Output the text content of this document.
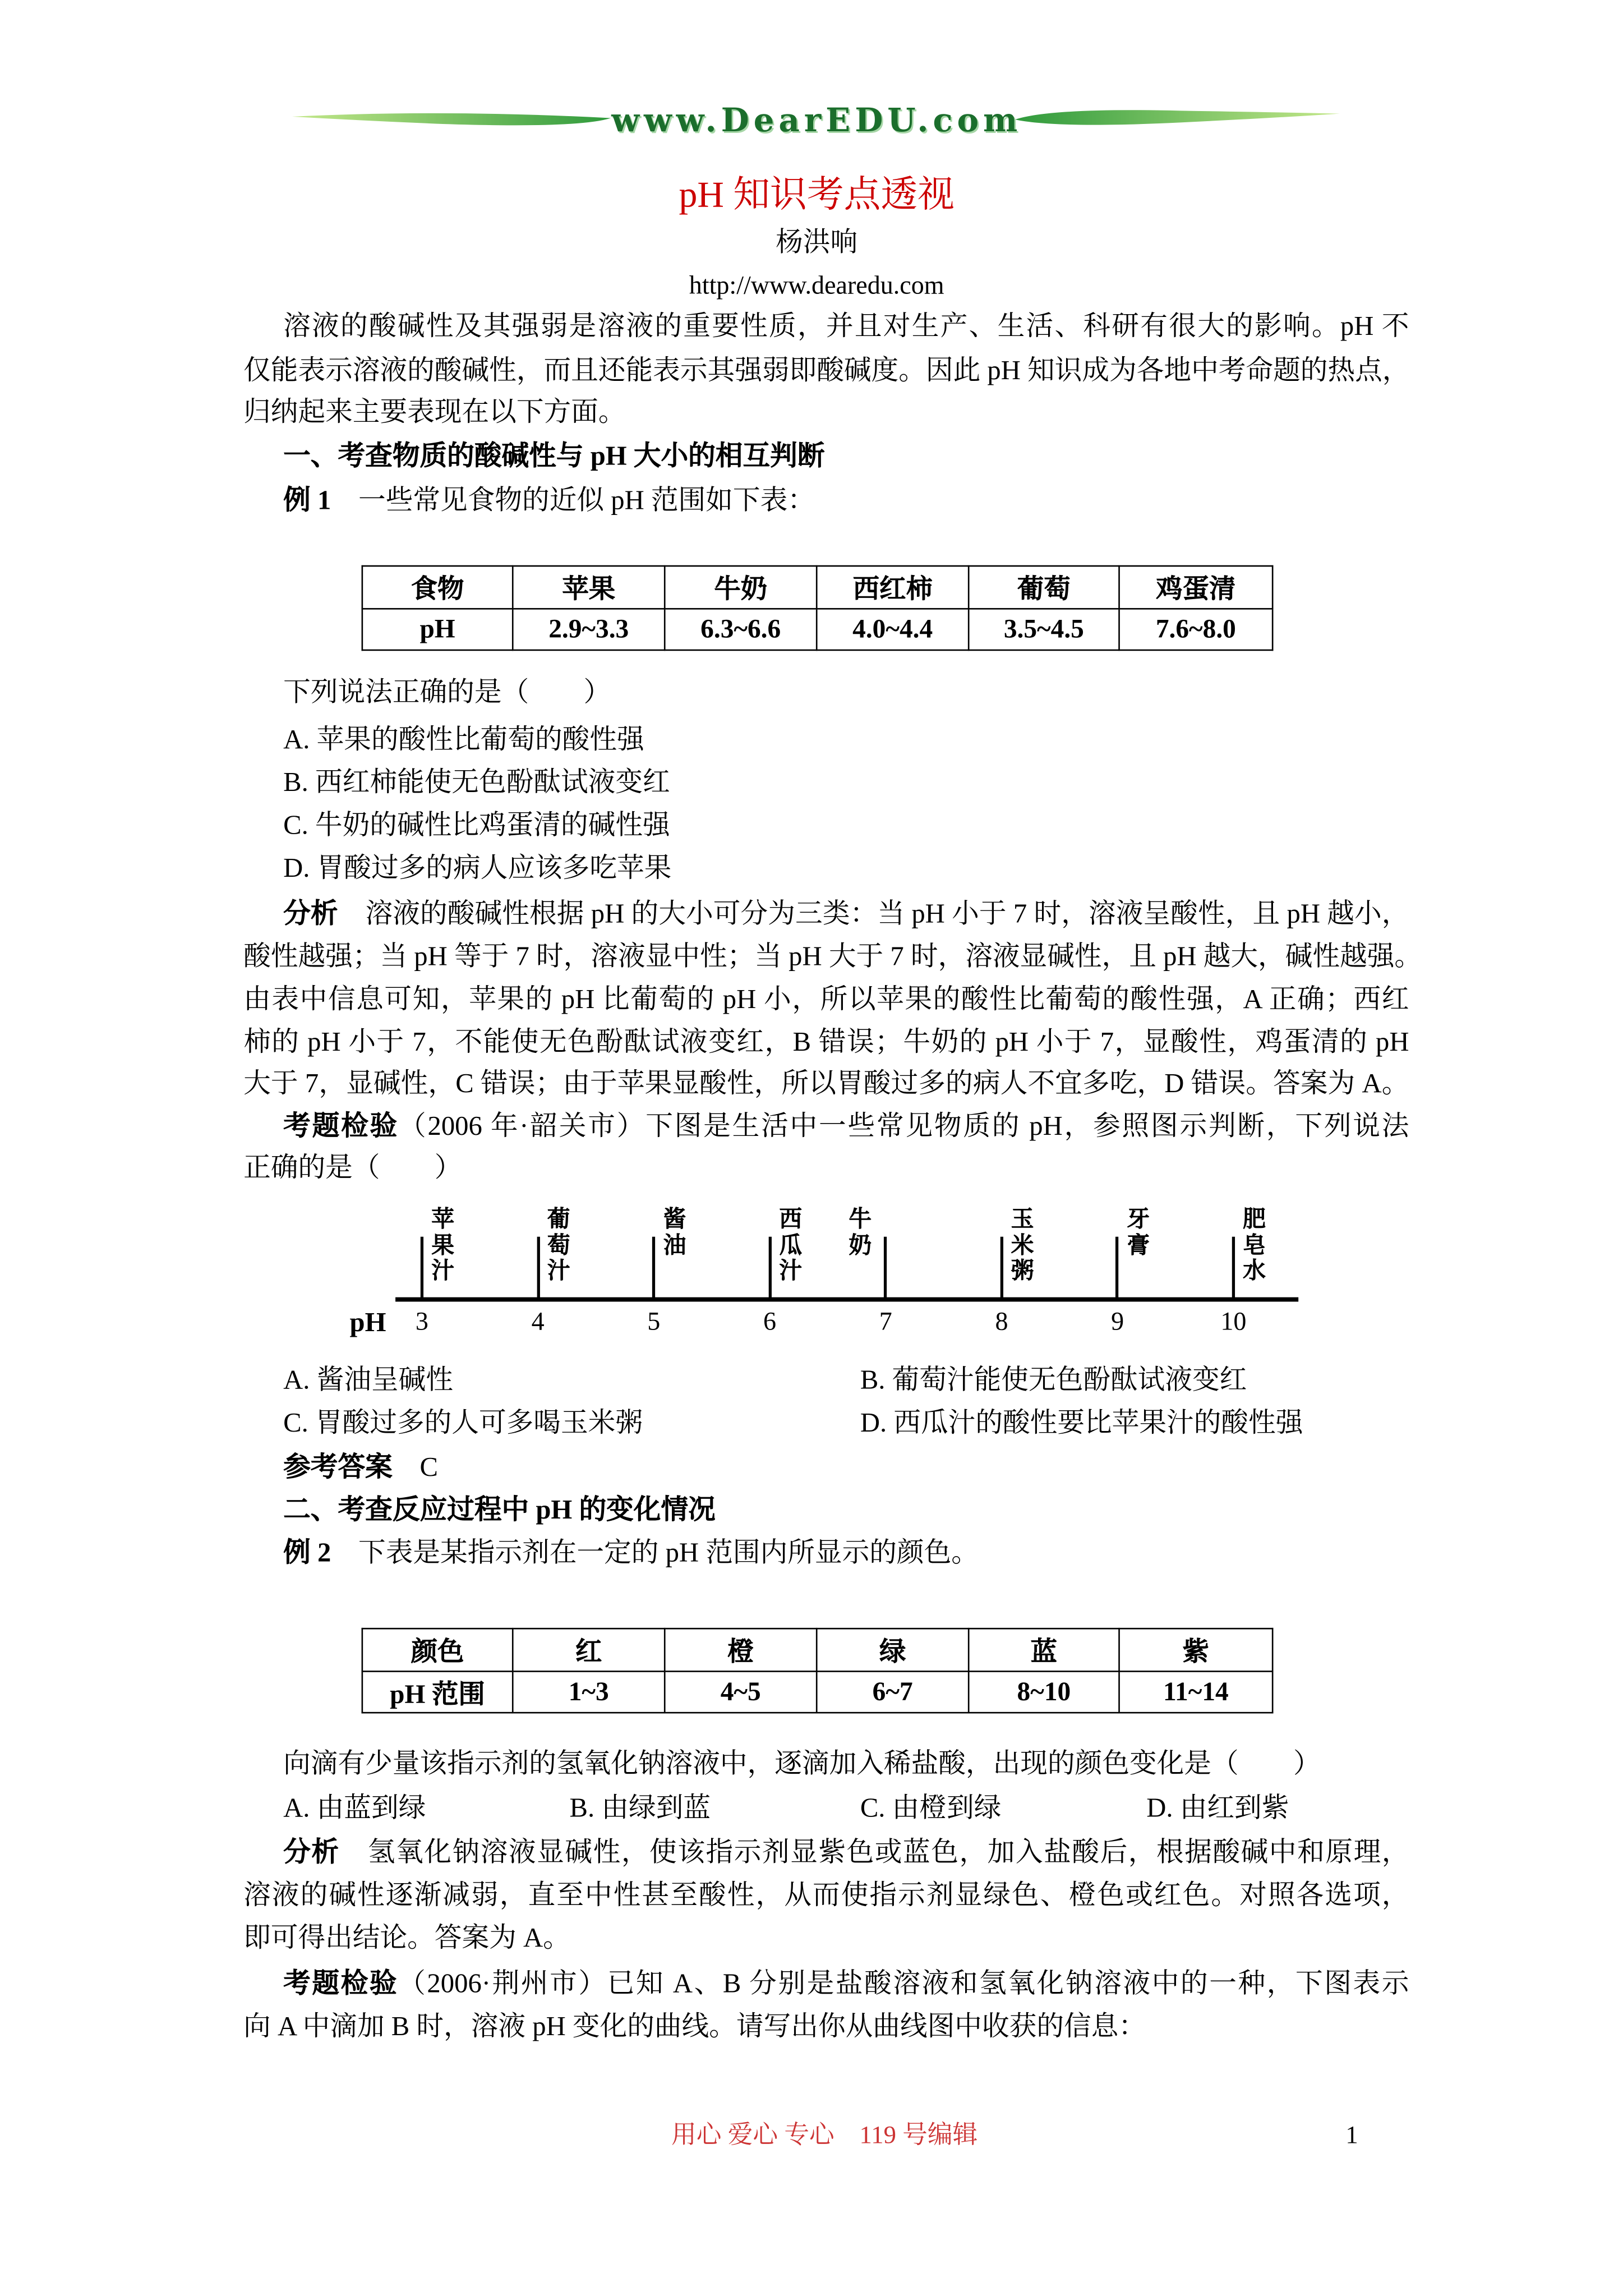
www.DearEDU.com
pH 知识考点透视
杨洪响
http://www.dearedu.com
溶液的酸碱性及其强弱是溶液的重要性质，并且对生产、生活、科研有很大的影响。pH 不
仅能表示溶液的酸碱性，而且还能表示其强弱即酸碱度。因此 pH 知识成为各地中考命题的热点，
归纳起来主要表现在以下方面。
一、考查物质的酸碱性与 pH 大小的相互判断
例 1	一些常见食物的近似 pH 范围如下表：
食物	苹果	牛奶	西红柿	葡萄	鸡蛋清
pH	2.9~3.3	6.3~6.6	4.0~4.4	3.5~4.5	7.6~8.0
下列说法正确的是（　　）
A. 苹果的酸性比葡萄的酸性强
B. 西红柿能使无色酚酞试液变红
C. 牛奶的碱性比鸡蛋清的碱性强
D. 胃酸过多的病人应该多吃苹果
分析	溶液的酸碱性根据 pH 的大小可分为三类：当 pH 小于 7 时，溶液呈酸性，且 pH 越小，
酸性越强；当 pH 等于 7 时，溶液显中性；当 pH 大于 7 时，溶液显碱性，且 pH 越大，碱性越强。
由表中信息可知，苹果的 pH 比葡萄的 pH 小，所以苹果的酸性比葡萄的酸性强，A 正确；西红
柿的 pH 小于 7，不能使无色酚酞试液变红，B 错误；牛奶的 pH 小于 7，显酸性，鸡蛋清的 pH
大于 7，显碱性，C 错误；由于苹果显酸性，所以胃酸过多的病人不宜多吃，D 错误。答案为 A。
考题检验（2006 年·韶关市）下图是生活中一些常见物质的 pH，参照图示判断，下列说法
正确的是（　　）
pH	3	4	5	6	7	8	9	10
苹果汁
葡萄汁
酱油
西瓜汁
牛奶
玉米粥
牙膏
肥皂水
A. 酱油呈碱性	B. 葡萄汁能使无色酚酞试液变红
C. 胃酸过多的人可多喝玉米粥	D. 西瓜汁的酸性要比苹果汁的酸性强
参考答案	C
二、考查反应过程中 pH 的变化情况
例 2	下表是某指示剂在一定的 pH 范围内所显示的颜色。
颜色	红	橙	绿	蓝	紫
pH 范围	1~3	4~5	6~7	8~10	11~14
向滴有少量该指示剂的氢氧化钠溶液中，逐滴加入稀盐酸，出现的颜色变化是（　　）
A. 由蓝到绿	B. 由绿到蓝	C. 由橙到绿	D. 由红到紫
分析	氢氧化钠溶液显碱性，使该指示剂显紫色或蓝色，加入盐酸后，根据酸碱中和原理，
溶液的碱性逐渐减弱，直至中性甚至酸性，从而使指示剂显绿色、橙色或红色。对照各选项，
即可得出结论。答案为 A。
考题检验（2006·荆州市）已知 A、B 分别是盐酸溶液和氢氧化钠溶液中的一种，下图表示
向 A 中滴加 B 时，溶液 pH 变化的曲线。请写出你从曲线图中收获的信息：
用心 爱心 专心　119 号编辑	1
